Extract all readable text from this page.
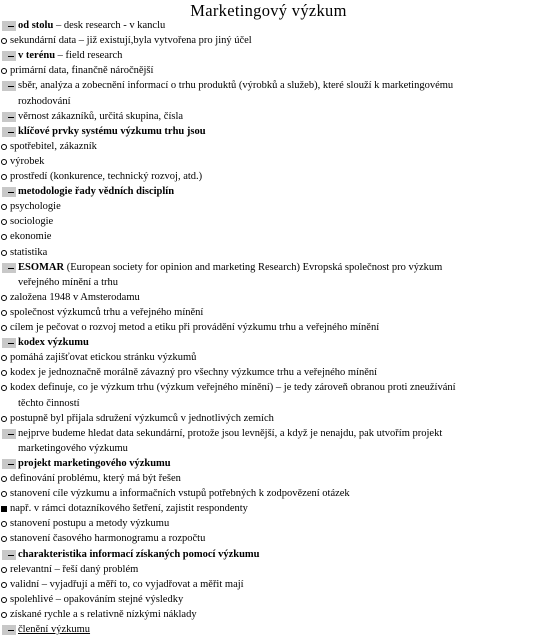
Marketingový výzkum
od stolu – desk research - v kanclu
sekundární data – již existují,byla vytvořena pro jiný účel
v terénu – field research
primární data, finančně náročnější
sběr, analýza a zobecnění informací o trhu produktů (výrobků a služeb), které slouží k marketingovému
rozhodování
věrnost zákazníků, určitá skupina, čísla
klíčové prvky systému výzkumu trhu jsou
spotřebitel, zákazník
výrobek
prostředí (konkurence, technický rozvoj, atd.)
metodologie řady vědních disciplín
psychologie
sociologie
ekonomie
statistika
ESOMAR (European society for opinion and marketing Research) Evropská společnost pro výzkum
veřejného mínění a trhu
založena 1948 v Amsterodamu
společnost výzkumců trhu a veřejného mínění
cílem je pečovat o rozvoj metod a etiku při provádění výzkumu trhu a veřejného mínění
kodex výzkumu
pomáhá zajišťovat etickou stránku výzkumů
kodex je jednoznačně morálně závazný pro všechny výzkumce trhu a veřejného mínění
kodex definuje, co je výzkum trhu (výzkum veřejného mínění) – je tedy zároveň obranou proti zneužívání
těchto činností
postupně byl přijala sdružení výzkumců v jednotlivých zemích
nejprve budeme hledat data sekundární, protože jsou levnější, a když je nenajdu, pak utvořím projekt
marketingového výzkumu
projekt marketingového výzkumu
definování problému, který má být řešen
stanovení cíle výzkumu a informačních vstupů potřebných k zodpovězení otázek
např. v rámci dotazníkového šetření, zajistit respondenty
stanovení postupu a metody výzkumu
stanovení časového harmonogramu a rozpočtu
charakteristika informací získaných pomocí výzkumu
relevantní – řeší daný problém
validní – vyjadřují a měří to, co vyjadřovat a měřit mají
spolehlivé – opakováním stejné výsledky
získané rychle a s relativně nízkými náklady
členění výzkumu
